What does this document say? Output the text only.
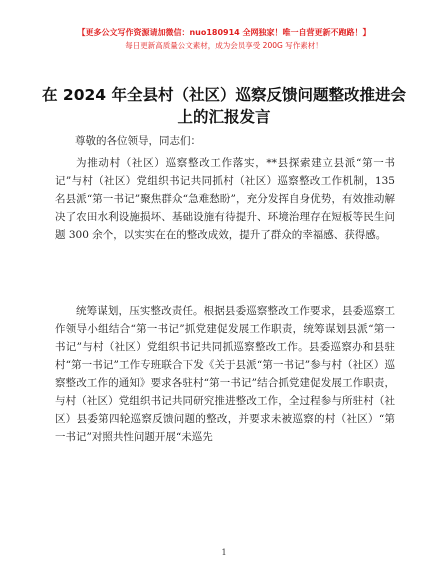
【更多公文写作资源请加微信：nuo180914 全网独家！唯一自营更新不跑路！】
每日更新高质量公文素材，成为会员享受 200G 写作素材！
在 2024 年全县村（社区）巡察反馈问题整改推进会上的汇报发言
尊敬的各位领导，同志们：

为推动村（社区）巡察整改工作落实，**县探索建立县派“第一书记”与村（社区）党组织书记共同抓村（社区）巡察整改工作机制，135 名县派“第一书记”聚焦群众“急难愁盼”，充分发挥自身优势，有效推动解决了农田水利设施损坏、基础设施有待提升、环境治理存在短板等民生问题 300 余个，以实实在在的整改成效，提升了群众的幸福感、获得感。

统筹谋划，压实整改责任。根据县委巡察整改工作要求，县委巡察工作领导小组结合“第一书记”抓党建促发展工作职责，统筹谋划县派“第一书记”与村（社区）党组织书记共同抓巡察整改工作。县委巡察办和县驻村“第一书记”工作专班联合下发《关于县派“第一书记”参与村（社区）巡察整改工作的通知》要求各驻村“第一书记”结合抓党建促发展工作职责，与村（社区）党组织书记共同研究推进整改工作，全过程参与所驻村（社区）县委第四轮巡察反馈问题的整改，并要求未被巡察的村（社区）“第一书记”对照共性问题开展“未巡先

1
